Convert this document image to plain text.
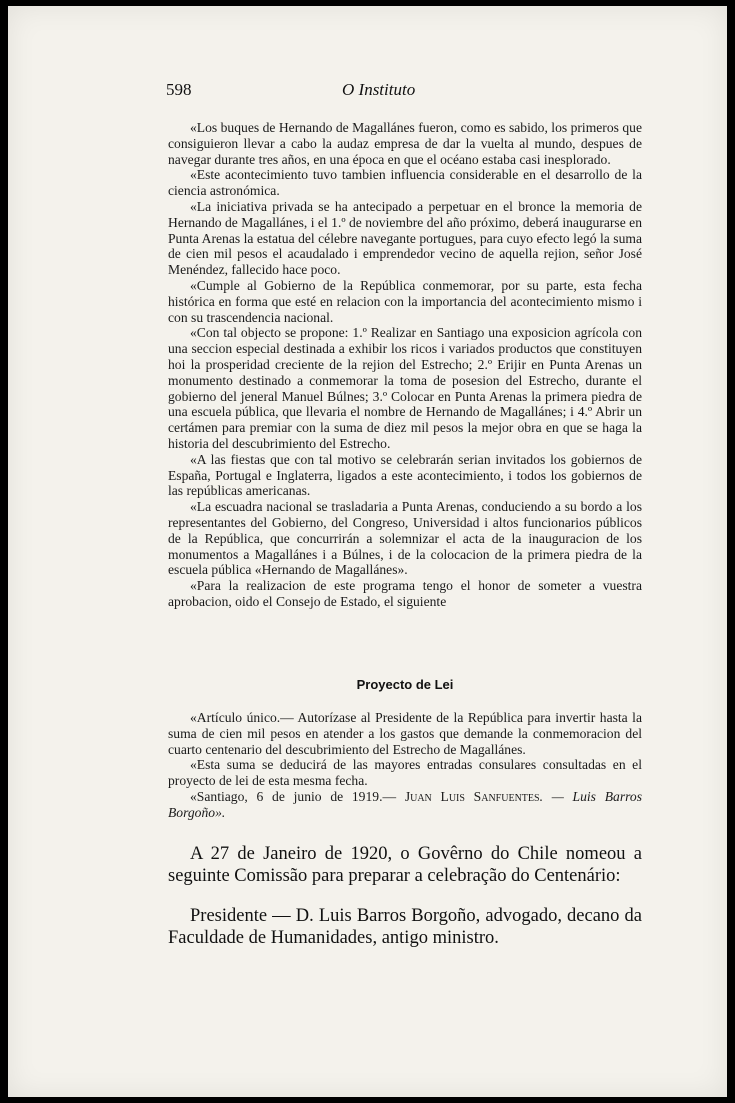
598	O Instituto

«Los buques de Hernando de Magallánes fueron, como es sabido, los primeros que consiguieron llevar a cabo la audaz empresa de dar la vuelta al mundo, despues de navegar durante tres años, en una época en que el océano estaba casi inesplorado.

«Este acontecimiento tuvo tambien influencia considerable en el desarrollo de la ciencia astronómica.

«La iniciativa privada se ha antecipado a perpetuar en el bronce la memoria de Hernando de Magallánes, i el 1.º de noviembre del año próximo, deberá inaugurarse en Punta Arenas la estatua del célebre navegante portugues, para cuyo efecto legó la suma de cien mil pesos el acaudalado i emprendedor vecino de aquella rejion, señor José Menéndez, fallecido hace poco.

«Cumple al Gobierno de la República conmemorar, por su parte, esta fecha histórica en forma que esté en relacion con la importancia del acontecimiento mismo i con su trascendencia nacional.

«Con tal objecto se propone: 1.º Realizar en Santiago una exposicion agrícola con una seccion especial destinada a exhibir los ricos i variados productos que constituyen hoi la prosperidad creciente de la rejion del Estrecho; 2.º Erijir en Punta Arenas un monumento destinado a conmemorar la toma de posesion del Estrecho, durante el gobierno del jeneral Manuel Búlnes; 3.º Colocar en Punta Arenas la primera piedra de una escuela pública, que llevaria el nombre de Hernando de Magallánes; i 4.º Abrir un certámen para premiar con la suma de diez mil pesos la mejor obra en que se haga la historia del descubrimiento del Estrecho.

«A las fiestas que con tal motivo se celebrarán serian invitados los gobiernos de España, Portugal e Inglaterra, ligados a este acontecimiento, i todos los gobiernos de las repúblicas americanas.

«La escuadra nacional se trasladaria a Punta Arenas, conduciendo a su bordo a los representantes del Gobierno, del Congreso, Universidad i altos funcionarios públicos de la República, que concurrirán a solemnizar el acta de la inauguracion de los monumentos a Magallánes i a Búlnes, i de la colocacion de la primera piedra de la escuela pública «Hernando de Magallánes».

«Para la realizacion de este programa tengo el honor de someter a vuestra aprobacion, oido el Consejo de Estado, el siguiente

Proyecto de Lei

«Artículo único.— Autorízase al Presidente de la República para invertir hasta la suma de cien mil pesos en atender a los gastos que demande la conmemoracion del cuarto centenario del descubrimiento del Estrecho de Magallánes.

«Esta suma se deducirá de las mayores entradas consulares consultadas en el proyecto de lei de esta mesma fecha.

«Santiago, 6 de junio de 1919.— Juan Luis Sanfuentes. — Luis Barros Borgoño».

A 27 de Janeiro de 1920, o Govêrno do Chile nomeou a seguinte Comissão para preparar a celebração do Centenário:

Presidente — D. Luis Barros Borgoño, advogado, decano da Faculdade de Humanidades, antigo ministro.
